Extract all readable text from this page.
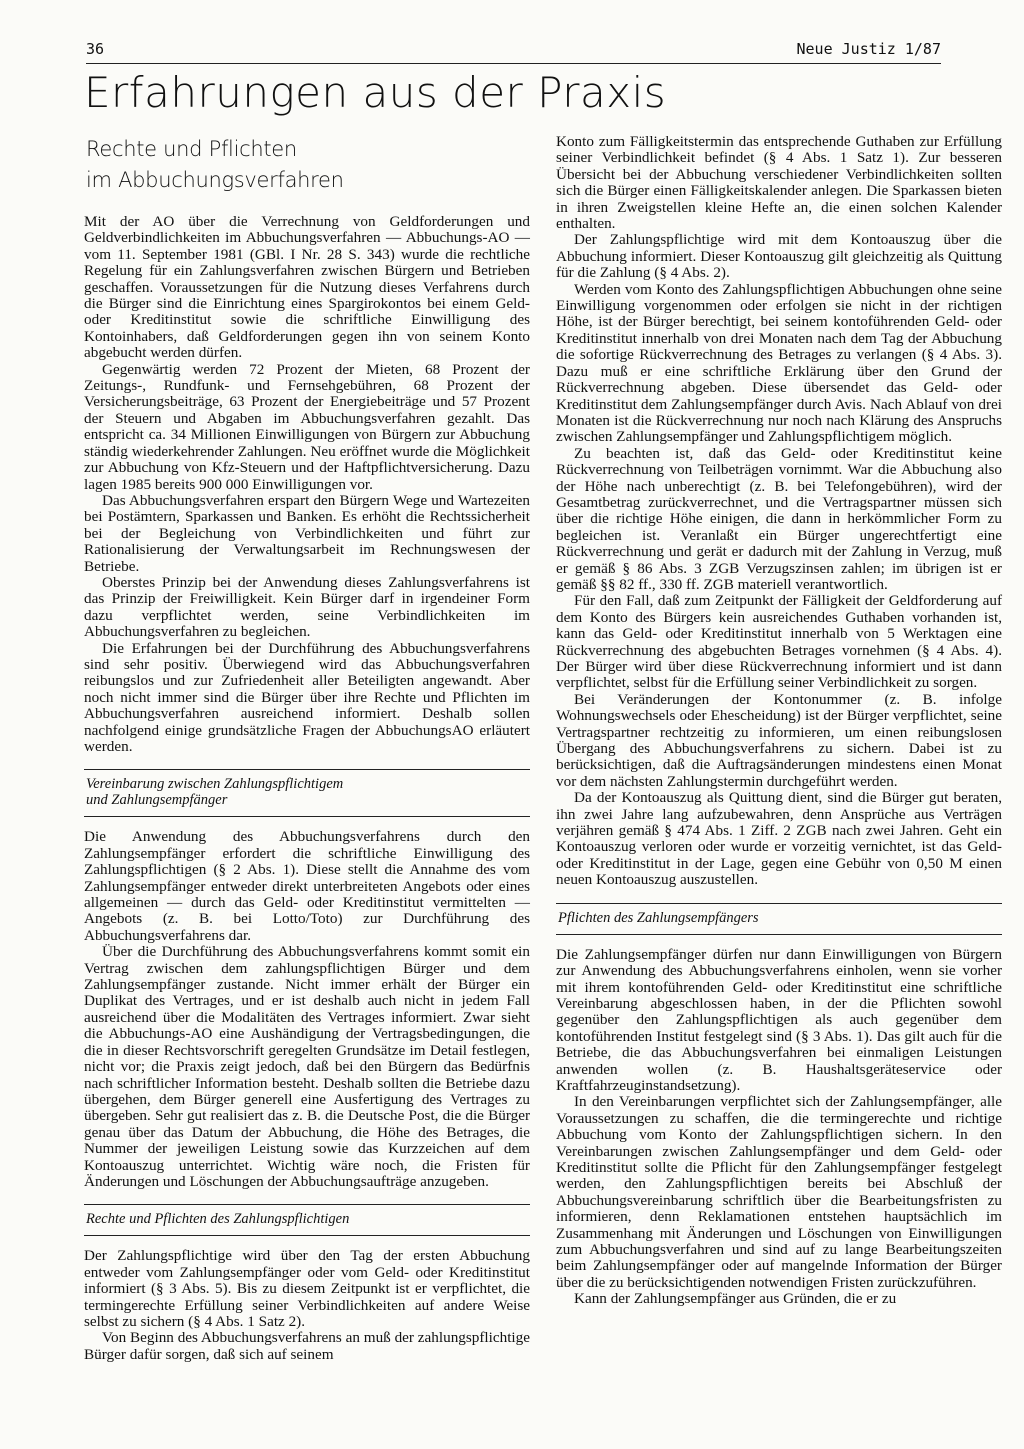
36	Neue Justiz 1/87
Erfahrungen aus der Praxis
Rechte und Pflichten
im Abbuchungsverfahren

Mit der AO über die Verrechnung von Geldforderungen und Geldverbindlichkeiten im Abbuchungsverfahren — Abbuchungs-AO — vom 11. September 1981 (GBl. I Nr. 28 S. 343) wurde die rechtliche Regelung für ein Zahlungsverfahren zwischen Bürgern und Betrieben geschaffen. Voraussetzungen für die Nutzung dieses Verfahrens durch die Bürger sind die Einrichtung eines Spargirokontos bei einem Geld- oder Kreditinstitut sowie die schriftliche Einwilligung des Kontoinhabers, daß Geldforderungen gegen ihn von seinem Konto abgebucht werden dürfen.

Gegenwärtig werden 72 Prozent der Mieten, 68 Prozent der Zeitungs-, Rundfunk- und Fernsehgebühren, 68 Prozent der Versicherungsbeiträge, 63 Prozent der Energiebeiträge und 57 Prozent der Steuern und Abgaben im Abbuchungsverfahren gezahlt. Das entspricht ca. 34 Millionen Einwilligungen von Bürgern zur Abbuchung ständig wiederkehrender Zahlungen. Neu eröffnet wurde die Möglichkeit zur Abbuchung von Kfz-Steuern und der Haftpflichtversicherung. Dazu lagen 1985 bereits 900 000 Einwilligungen vor.

Das Abbuchungsverfahren erspart den Bürgern Wege und Wartezeiten bei Postämtern, Sparkassen und Banken. Es erhöht die Rechtssicherheit bei der Begleichung von Verbindlichkeiten und führt zur Rationalisierung der Verwaltungsarbeit im Rechnungswesen der Betriebe.

Oberstes Prinzip bei der Anwendung dieses Zahlungsverfahrens ist das Prinzip der Freiwilligkeit. Kein Bürger darf in irgendeiner Form dazu verpflichtet werden, seine Verbindlichkeiten im Abbuchungsverfahren zu begleichen.

Die Erfahrungen bei der Durchführung des Abbuchungsverfahrens sind sehr positiv. Überwiegend wird das Abbuchungsverfahren reibungslos und zur Zufriedenheit aller Beteiligten angewandt. Aber noch nicht immer sind die Bürger über ihre Rechte und Pflichten im Abbuchungsverfahren ausreichend informiert. Deshalb sollen nachfolgend einige grundsätzliche Fragen der AbbuchungsAO erläutert werden.

Vereinbarung zwischen Zahlungspflichtigem
und Zahlungsempfänger

Die Anwendung des Abbuchungsverfahrens durch den Zahlungsempfänger erfordert die schriftliche Einwilligung des Zahlungspflichtigen (§ 2 Abs. 1). Diese stellt die Annahme des vom Zahlungsempfänger entweder direkt unterbreiteten Angebots oder eines allgemeinen — durch das Geld- oder Kreditinstitut vermittelten — Angebots (z. B. bei Lotto/Toto) zur Durchführung des Abbuchungsverfahrens dar.

Über die Durchführung des Abbuchungsverfahrens kommt somit ein Vertrag zwischen dem zahlungspflichtigen Bürger und dem Zahlungsempfänger zustande. Nicht immer erhält der Bürger ein Duplikat des Vertrages, und er ist deshalb auch nicht in jedem Fall ausreichend über die Modalitäten des Vertrages informiert. Zwar sieht die Abbuchungs-AO eine Aushändigung der Vertragsbedingungen, die die in dieser Rechtsvorschrift geregelten Grundsätze im Detail festlegen, nicht vor; die Praxis zeigt jedoch, daß bei den Bürgern das Bedürfnis nach schriftlicher Information besteht. Deshalb sollten die Betriebe dazu übergehen, dem Bürger generell eine Ausfertigung des Vertrages zu übergeben. Sehr gut realisiert das z. B. die Deutsche Post, die die Bürger genau über das Datum der Abbuchung, die Höhe des Betrages, die Nummer der jeweiligen Leistung sowie das Kurzzeichen auf dem Kontoauszug unterrichtet. Wichtig wäre noch, die Fristen für Änderungen und Löschungen der Abbuchungsaufträge anzugeben.

Rechte und Pflichten des Zahlungspflichtigen

Der Zahlungspflichtige wird über den Tag der ersten Abbuchung entweder vom Zahlungsempfänger oder vom Geld- oder Kreditinstitut informiert (§ 3 Abs. 5). Bis zu diesem Zeitpunkt ist er verpflichtet, die termingerechte Erfüllung seiner Verbindlichkeiten auf andere Weise selbst zu sichern (§ 4 Abs. 1 Satz 2).

Von Beginn des Abbuchungsverfahrens an muß der zahlungspflichtige Bürger dafür sorgen, daß sich auf seinem

Konto zum Fälligkeitstermin das entsprechende Guthaben zur Erfüllung seiner Verbindlichkeit befindet (§ 4 Abs. 1 Satz 1). Zur besseren Übersicht bei der Abbuchung verschiedener Verbindlichkeiten sollten sich die Bürger einen Fälligkeitskalender anlegen. Die Sparkassen bieten in ihren Zweigstellen kleine Hefte an, die einen solchen Kalender enthalten.

Der Zahlungspflichtige wird mit dem Kontoauszug über die Abbuchung informiert. Dieser Kontoauszug gilt gleichzeitig als Quittung für die Zahlung (§ 4 Abs. 2).

Werden vom Konto des Zahlungspflichtigen Abbuchungen ohne seine Einwilligung vorgenommen oder erfolgen sie nicht in der richtigen Höhe, ist der Bürger berechtigt, bei seinem kontoführenden Geld- oder Kreditinstitut innerhalb von drei Monaten nach dem Tag der Abbuchung die sofortige Rückverrechnung des Betrages zu verlangen (§ 4 Abs. 3). Dazu muß er eine schriftliche Erklärung über den Grund der Rückverrechnung abgeben. Diese übersendet das Geld- oder Kreditinstitut dem Zahlungsempfänger durch Avis. Nach Ablauf von drei Monaten ist die Rückverrechnung nur noch nach Klärung des Anspruchs zwischen Zahlungsempfänger und Zahlungspflichtigem möglich.

Zu beachten ist, daß das Geld- oder Kreditinstitut keine Rückverrechnung von Teilbeträgen vornimmt. War die Abbuchung also der Höhe nach unberechtigt (z. B. bei Telefongebühren), wird der Gesamtbetrag zurückverrechnet, und die Vertragspartner müssen sich über die richtige Höhe einigen, die dann in herkömmlicher Form zu begleichen ist. Veranlaßt ein Bürger ungerechtfertigt eine Rückverrechnung und gerät er dadurch mit der Zahlung in Verzug, muß er gemäß § 86 Abs. 3 ZGB Verzugszinsen zahlen; im übrigen ist er gemäß §§ 82 ff., 330 ff. ZGB materiell verantwortlich.

Für den Fall, daß zum Zeitpunkt der Fälligkeit der Geldforderung auf dem Konto des Bürgers kein ausreichendes Guthaben vorhanden ist, kann das Geld- oder Kreditinstitut innerhalb von 5 Werktagen eine Rückverrechnung des abgebuchten Betrages vornehmen (§ 4 Abs. 4). Der Bürger wird über diese Rückverrechnung informiert und ist dann verpflichtet, selbst für die Erfüllung seiner Verbindlichkeit zu sorgen.

Bei Veränderungen der Kontonummer (z. B. infolge Wohnungswechsels oder Ehescheidung) ist der Bürger verpflichtet, seine Vertragspartner rechtzeitig zu informieren, um einen reibungslosen Übergang des Abbuchungsverfahrens zu sichern. Dabei ist zu berücksichtigen, daß die Auftragsänderungen mindestens einen Monat vor dem nächsten Zahlungstermin durchgeführt werden.

Da der Kontoauszug als Quittung dient, sind die Bürger gut beraten, ihn zwei Jahre lang aufzubewahren, denn Ansprüche aus Verträgen verjähren gemäß § 474 Abs. 1 Ziff. 2 ZGB nach zwei Jahren. Geht ein Kontoauszug verloren oder wurde er vorzeitig vernichtet, ist das Geld- oder Kreditinstitut in der Lage, gegen eine Gebühr von 0,50 M einen neuen Kontoauszug auszustellen.

Pflichten des Zahlungsempfängers

Die Zahlungsempfänger dürfen nur dann Einwilligungen von Bürgern zur Anwendung des Abbuchungsverfahrens einholen, wenn sie vorher mit ihrem kontoführenden Geld- oder Kreditinstitut eine schriftliche Vereinbarung abgeschlossen haben, in der die Pflichten sowohl gegenüber den Zahlungspflichtigen als auch gegenüber dem kontoführenden Institut festgelegt sind (§ 3 Abs. 1). Das gilt auch für die Betriebe, die das Abbuchungsverfahren bei einmaligen Leistungen anwenden wollen (z. B. Haushaltsgeräteservice oder Kraftfahrzeuginstandsetzung).

In den Vereinbarungen verpflichtet sich der Zahlungsempfänger, alle Voraussetzungen zu schaffen, die die termingerechte und richtige Abbuchung vom Konto der Zahlungspflichtigen sichern. In den Vereinbarungen zwischen Zahlungsempfänger und dem Geld- oder Kreditinstitut sollte die Pflicht für den Zahlungsempfänger festgelegt werden, den Zahlungspflichtigen bereits bei Abschluß der Abbuchungsvereinbarung schriftlich über die Bearbeitungsfristen zu informieren, denn Reklamationen entstehen hauptsächlich im Zusammenhang mit Änderungen und Löschungen von Einwilligungen zum Abbuchungsverfahren und sind auf zu lange Bearbeitungszeiten beim Zahlungsempfänger oder auf mangelnde Information der Bürger über die zu berücksichtigenden notwendigen Fristen zurückzuführen.

Kann der Zahlungsempfänger aus Gründen, die er zu
